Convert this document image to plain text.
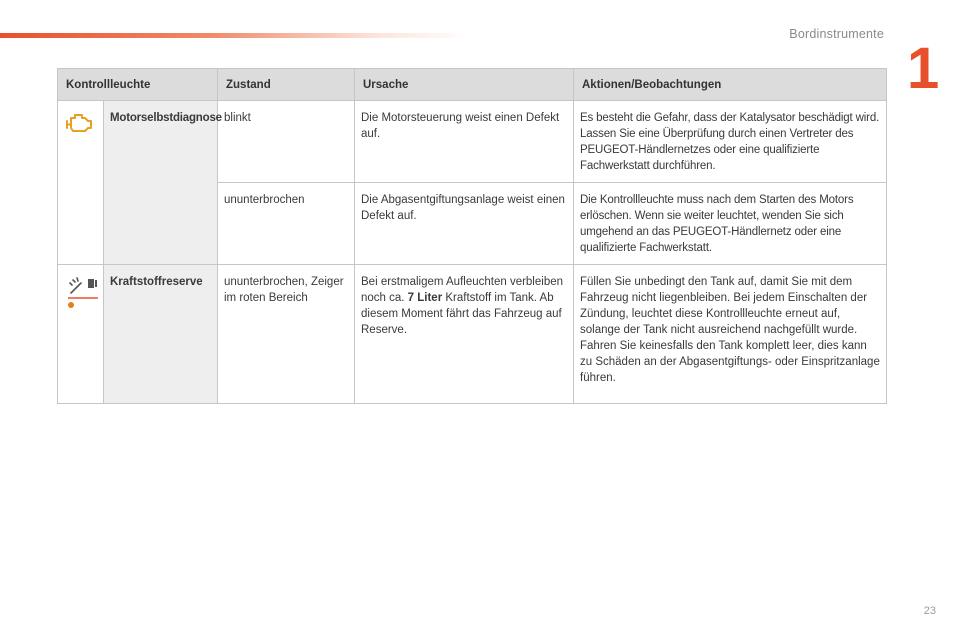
Bordinstrumente
1
Kontrollleuchte		Zustand	Ursache	Aktionen/Beobachtungen
	Motorselbstdiagnose	blinkt	Die Motorsteuerung weist einen Defekt auf.	Es besteht die Gefahr, dass der Katalysator beschädigt wird. Lassen Sie eine Überprüfung durch einen Vertreter des PEUGEOT-Händlernetzes oder eine qualifizierte Fachwerkstatt durchführen.
		ununterbrochen	Die Abgasentgiftungsanlage weist einen Defekt auf.	Die Kontrollleuchte muss nach dem Starten des Motors erlöschen. Wenn sie weiter leuchtet, wenden Sie sich umgehend an das PEUGEOT-Händlernetz oder eine qualifizierte Fachwerkstatt.
	Kraftstoffreserve	ununterbrochen, Zeiger im roten Bereich	Bei erstmaligem Aufleuchten verbleiben noch ca. 7 Liter Kraftstoff im Tank. Ab diesem Moment fährt das Fahrzeug auf Reserve.	Füllen Sie unbedingt den Tank auf, damit Sie mit dem Fahrzeug nicht liegenbleiben. Bei jedem Einschalten der Zündung, leuchtet diese Kontrollleuchte erneut auf, solange der Tank nicht ausreichend nachgefüllt wurde. Fahren Sie keinesfalls den Tank komplett leer, dies kann zu Schäden an der Abgasentgiftungs- oder Einspritzanlage führen.
23
